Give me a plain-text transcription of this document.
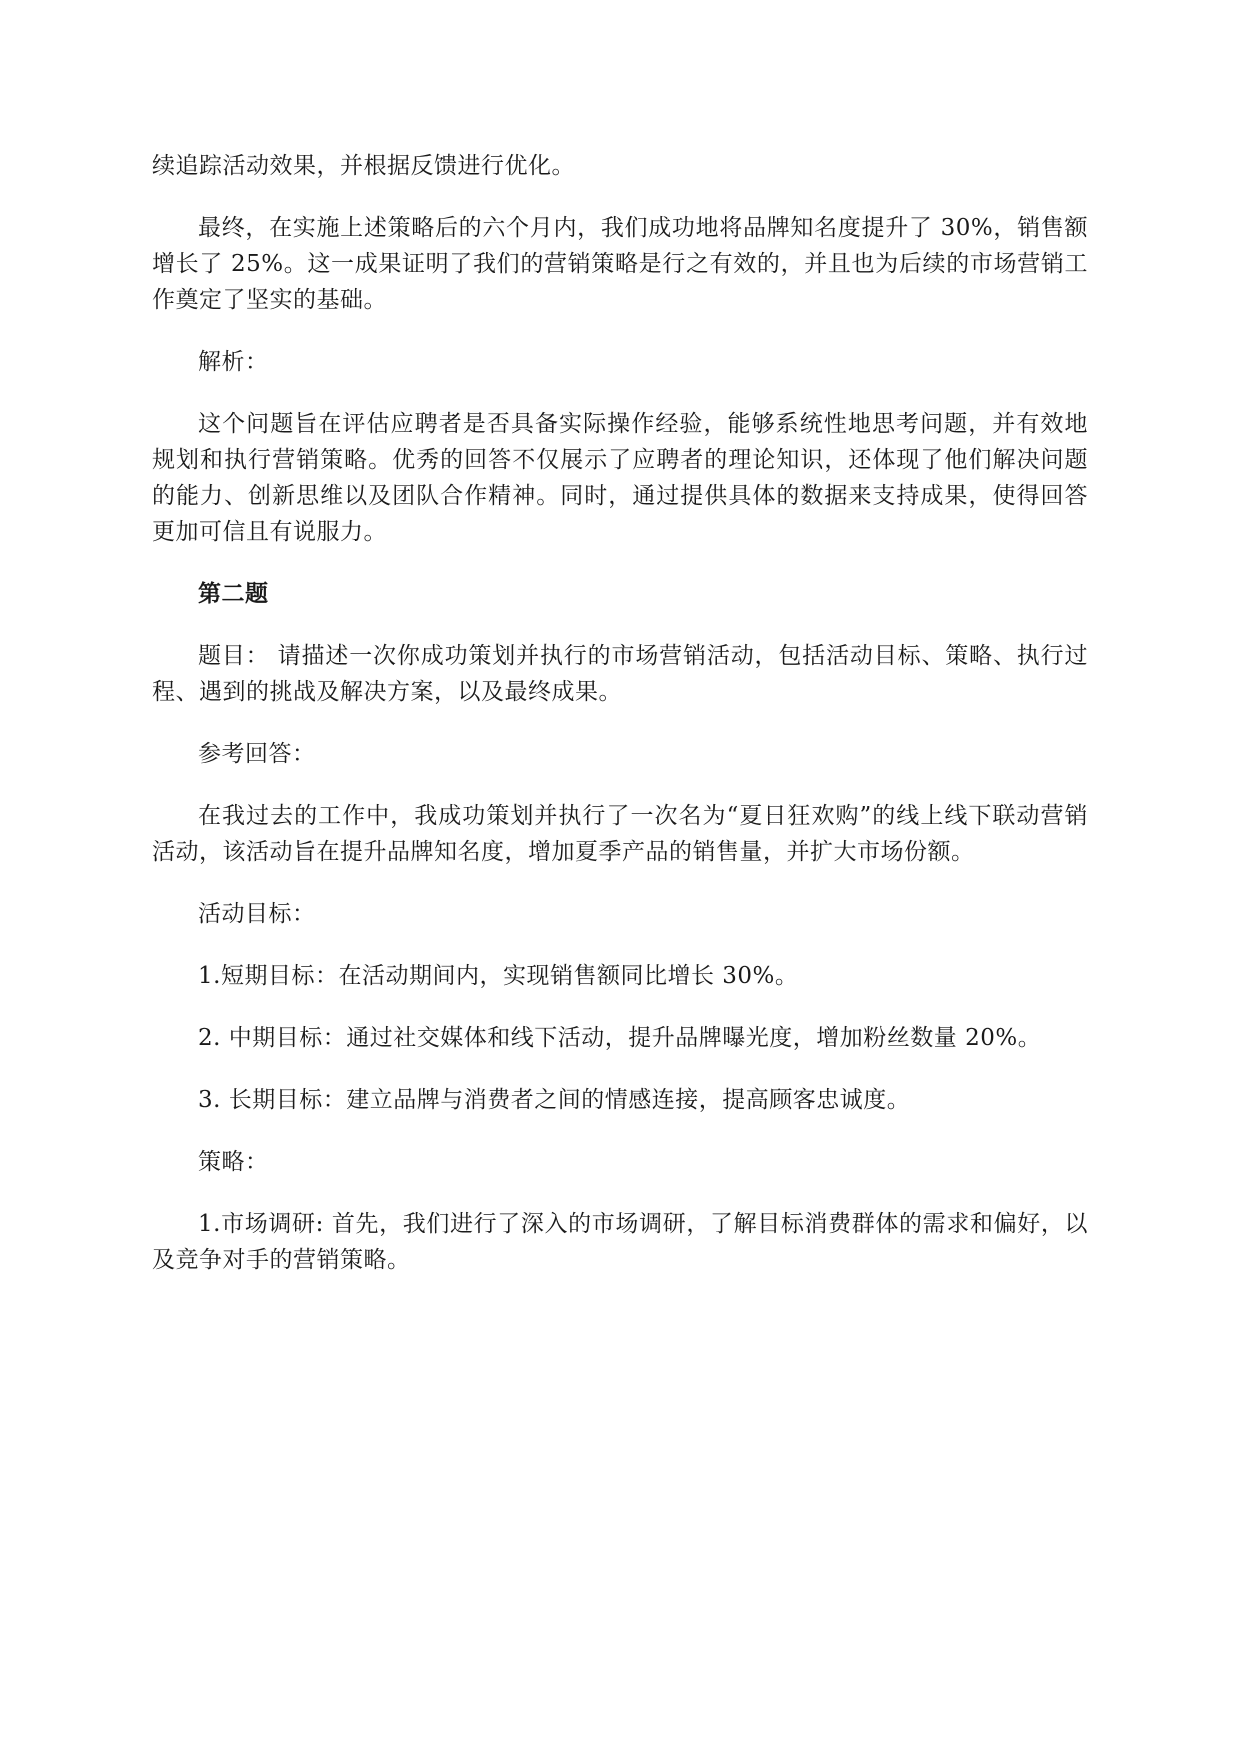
续追踪活动效果，并根据反馈进行优化。

最终，在实施上述策略后的六个月内，我们成功地将品牌知名度提升了 30%，销售额增长了 25%。这一成果证明了我们的营销策略是行之有效的，并且也为后续的市场营销工作奠定了坚实的基础。

解析：

这个问题旨在评估应聘者是否具备实际操作经验，能够系统性地思考问题，并有效地规划和执行营销策略。优秀的回答不仅展示了应聘者的理论知识，还体现了他们解决问题的能力、创新思维以及团队合作精神。同时，通过提供具体的数据来支持成果，使得回答更加可信且有说服力。

第二题

题目： 请描述一次你成功策划并执行的市场营销活动，包括活动目标、策略、执行过程、遇到的挑战及解决方案，以及最终成果。

参考回答：

在我过去的工作中，我成功策划并执行了一次名为“夏日狂欢购”的线上线下联动营销活动，该活动旨在提升品牌知名度，增加夏季产品的销售量，并扩大市场份额。

活动目标：

1.短期目标：在活动期间内，实现销售额同比增长 30%。

2. 中期目标：通过社交媒体和线下活动，提升品牌曝光度，增加粉丝数量 20%。

3. 长期目标：建立品牌与消费者之间的情感连接，提高顾客忠诚度。

策略：

1.市场调研: 首先，我们进行了深入的市场调研，了解目标消费群体的需求和偏好，以及竞争对手的营销策略。
